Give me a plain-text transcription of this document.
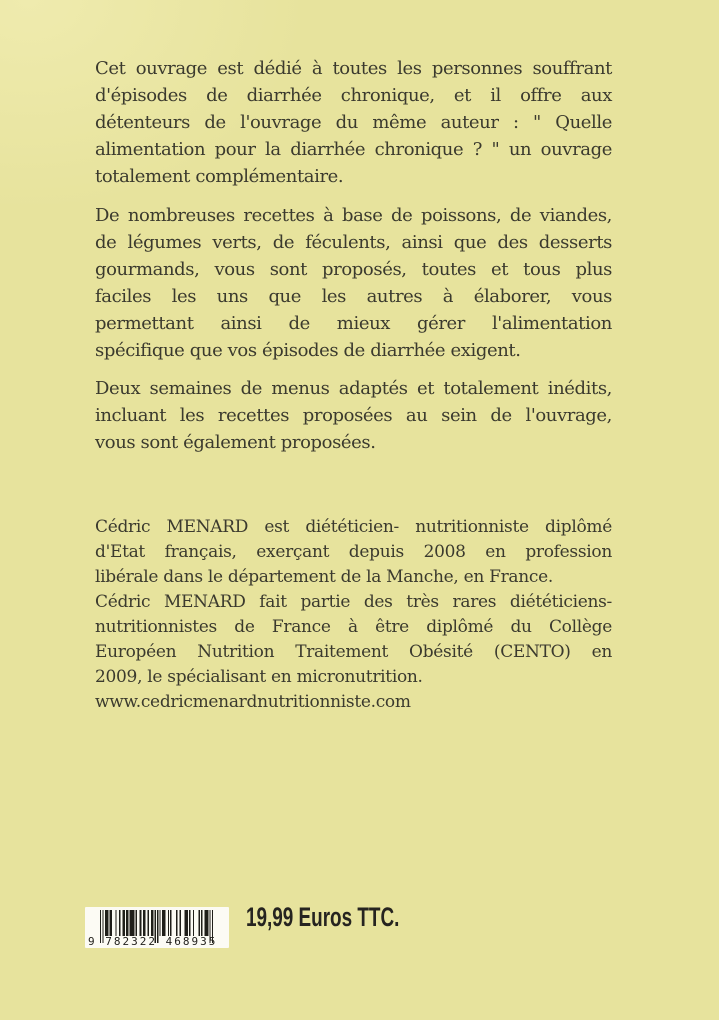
Cet ouvrage est dédié à toutes les personnes souffrant
d'épisodes de diarrhée chronique, et il offre aux
détenteurs de l'ouvrage du même auteur : " Quelle
alimentation pour la diarrhée chronique ? " un ouvrage
totalement complémentaire.
De nombreuses recettes à base de poissons, de viandes,
de légumes verts, de féculents, ainsi que des desserts
gourmands, vous sont proposés, toutes et tous plus
faciles les uns que les autres à élaborer, vous
permettant ainsi de mieux gérer l'alimentation
spécifique que vos épisodes de diarrhée exigent.
Deux semaines de menus adaptés et totalement inédits,
incluant les recettes proposées au sein de l'ouvrage,
vous sont également proposées.
Cédric MENARD est diététicien- nutritionniste diplômé
d'Etat français, exerçant depuis 2008 en profession
libérale dans le département de la Manche, en France.
Cédric MENARD fait partie des très rares diététiciens-
nutritionnistes de France à être diplômé du Collège
Européen Nutrition Traitement Obésité (CENTO) en
2009, le spécialisant en micronutrition.
www.cedricmenardnutritionniste.com
9 782322 468935
19,99 Euros TTC.
